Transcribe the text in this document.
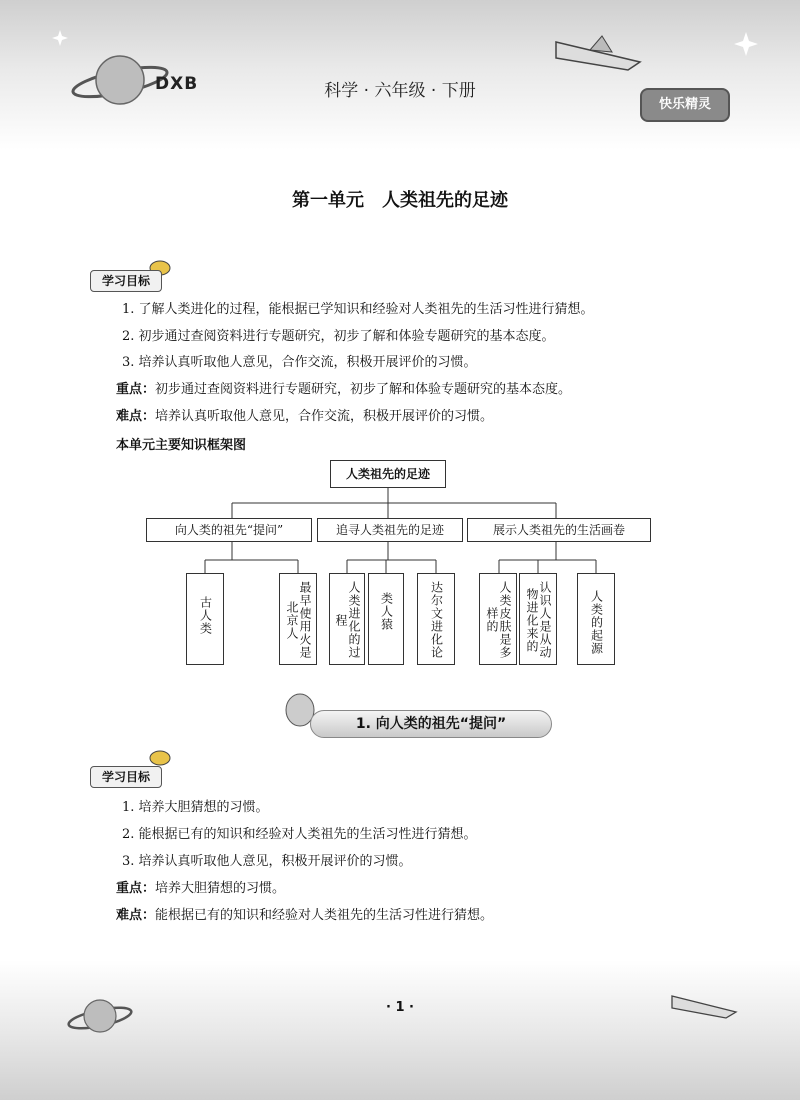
DXB	科学 · 六年级 · 下册
快乐精灵
第一单元　人类祖先的足迹
学习目标
1. 了解人类进化的过程，能根据已学知识和经验对人类祖先的生活习性进行猜想。
2. 初步通过查阅资料进行专题研究，初步了解和体验专题研究的基本态度。
3. 培养认真听取他人意见，合作交流，积极开展评价的习惯。
重点：初步通过查阅资料进行专题研究，初步了解和体验专题研究的基本态度。
难点：培养认真听取他人意见，合作交流，积极开展评价的习惯。
本单元主要知识框架图
人类祖先的足迹
向人类的祖先“提问”	追寻人类祖先的足迹	展示人类祖先的生活画卷
古人类	最早使用火是北京人	人类进化的过程	类人猿	达尔文进化论	人类皮肤是多样的	认识人是从动物进化来的	人类的起源
1. 向人类的祖先“提问”
学习目标
1. 培养大胆猜想的习惯。
2. 能根据已有的知识和经验对人类祖先的生活习性进行猜想。
3. 培养认真听取他人意见，积极开展评价的习惯。
重点：培养大胆猜想的习惯。
难点：能根据已有的知识和经验对人类祖先的生活习性进行猜想。
· 1 ·
